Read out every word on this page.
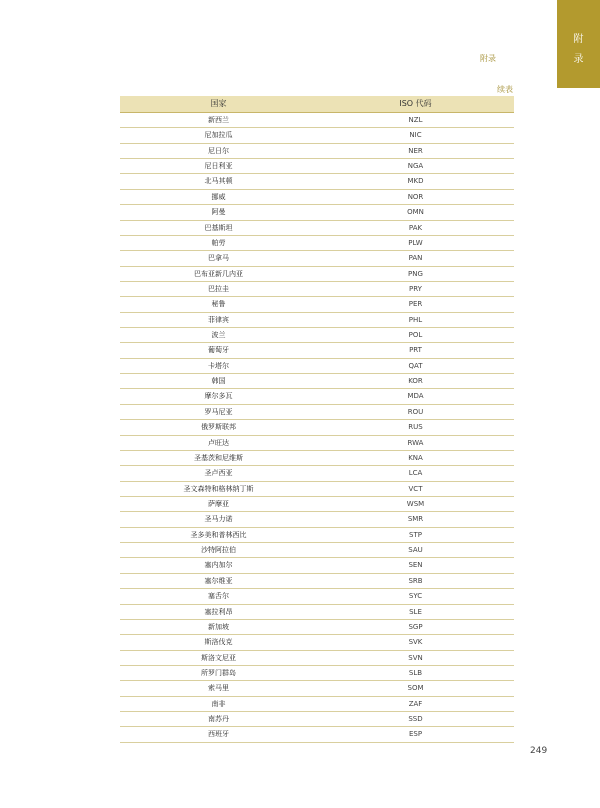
附
录
附录
续表
国家	ISO 代码
新西兰	NZL
尼加拉瓜	NIC
尼日尔	NER
尼日利亚	NGA
北马其顿	MKD
挪威	NOR
阿曼	OMN
巴基斯坦	PAK
帕劳	PLW
巴拿马	PAN
巴布亚新几内亚	PNG
巴拉圭	PRY
秘鲁	PER
菲律宾	PHL
波兰	POL
葡萄牙	PRT
卡塔尔	QAT
韩国	KOR
摩尔多瓦	MDA
罗马尼亚	ROU
俄罗斯联邦	RUS
卢旺达	RWA
圣基茨和尼维斯	KNA
圣卢西亚	LCA
圣文森特和格林纳丁斯	VCT
萨摩亚	WSM
圣马力诺	SMR
圣多美和普林西比	STP
沙特阿拉伯	SAU
塞内加尔	SEN
塞尔维亚	SRB
塞舌尔	SYC
塞拉利昂	SLE
新加坡	SGP
斯洛伐克	SVK
斯洛文尼亚	SVN
所罗门群岛	SLB
索马里	SOM
南非	ZAF
南苏丹	SSD
西班牙	ESP
249
